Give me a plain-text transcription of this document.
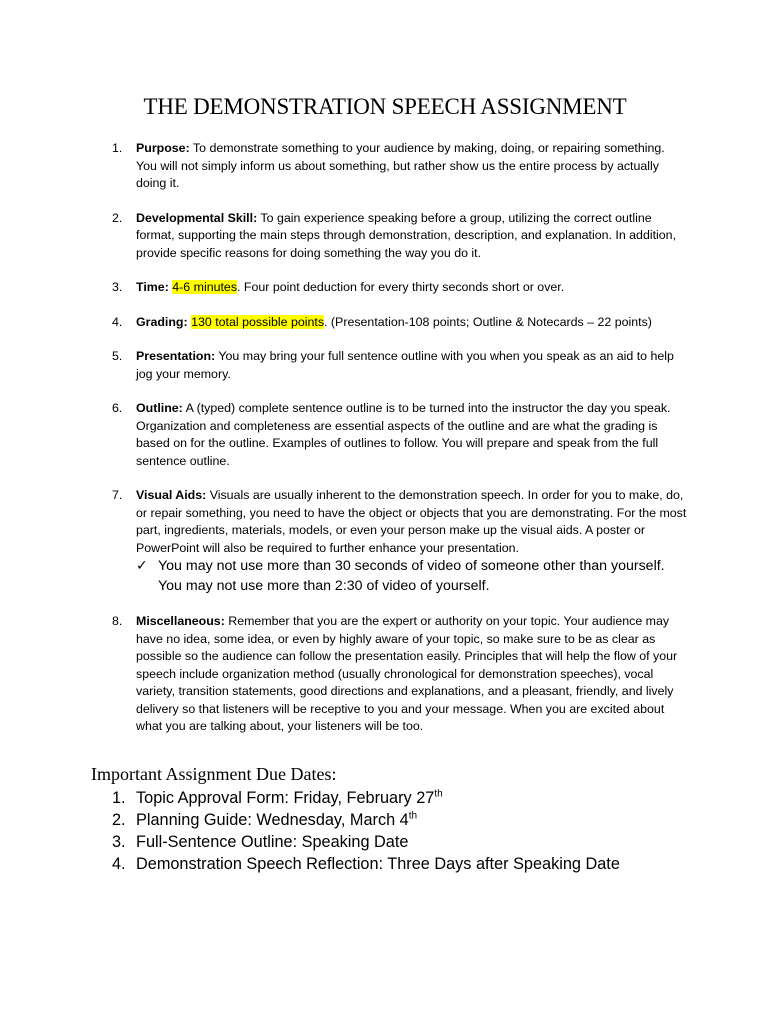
THE DEMONSTRATION SPEECH ASSIGNMENT
1.	Purpose: To demonstrate something to your audience by making, doing, or repairing something. You will not simply inform us about something, but rather show us the entire process by actually doing it.
2.	Developmental Skill: To gain experience speaking before a group, utilizing the correct outline format, supporting the main steps through demonstration, description, and explanation. In addition, provide specific reasons for doing something the way you do it.
3.	Time: 4-6 minutes. Four point deduction for every thirty seconds short or over.
4.	Grading: 130 total possible points. (Presentation-108 points; Outline & Notecards – 22 points)
5.	Presentation: You may bring your full sentence outline with you when you speak as an aid to help jog your memory.
6.	Outline: A (typed) complete sentence outline is to be turned into the instructor the day you speak. Organization and completeness are essential aspects of the outline and are what the grading is based on for the outline. Examples of outlines to follow. You will prepare and speak from the full sentence outline.
7.	Visual Aids: Visuals are usually inherent to the demonstration speech. In order for you to make, do, or repair something, you need to have the object or objects that you are demonstrating. For the most part, ingredients, materials, models, or even your person make up the visual aids. A poster or PowerPoint will also be required to further enhance your presentation.
✓ You may not use more than 30 seconds of video of someone other than yourself.
You may not use more than 2:30 of video of yourself.
8.	Miscellaneous: Remember that you are the expert or authority on your topic. Your audience may have no idea, some idea, or even by highly aware of your topic, so make sure to be as clear as possible so the audience can follow the presentation easily. Principles that will help the flow of your speech include organization method (usually chronological for demonstration speeches), vocal variety, transition statements, good directions and explanations, and a pleasant, friendly, and lively delivery so that listeners will be receptive to you and your message. When you are excited about what you are talking about, your listeners will be too.
Important Assignment Due Dates:
1. Topic Approval Form: Friday, February 27th
2. Planning Guide: Wednesday, March 4th
3. Full-Sentence Outline: Speaking Date
4. Demonstration Speech Reflection: Three Days after Speaking Date
